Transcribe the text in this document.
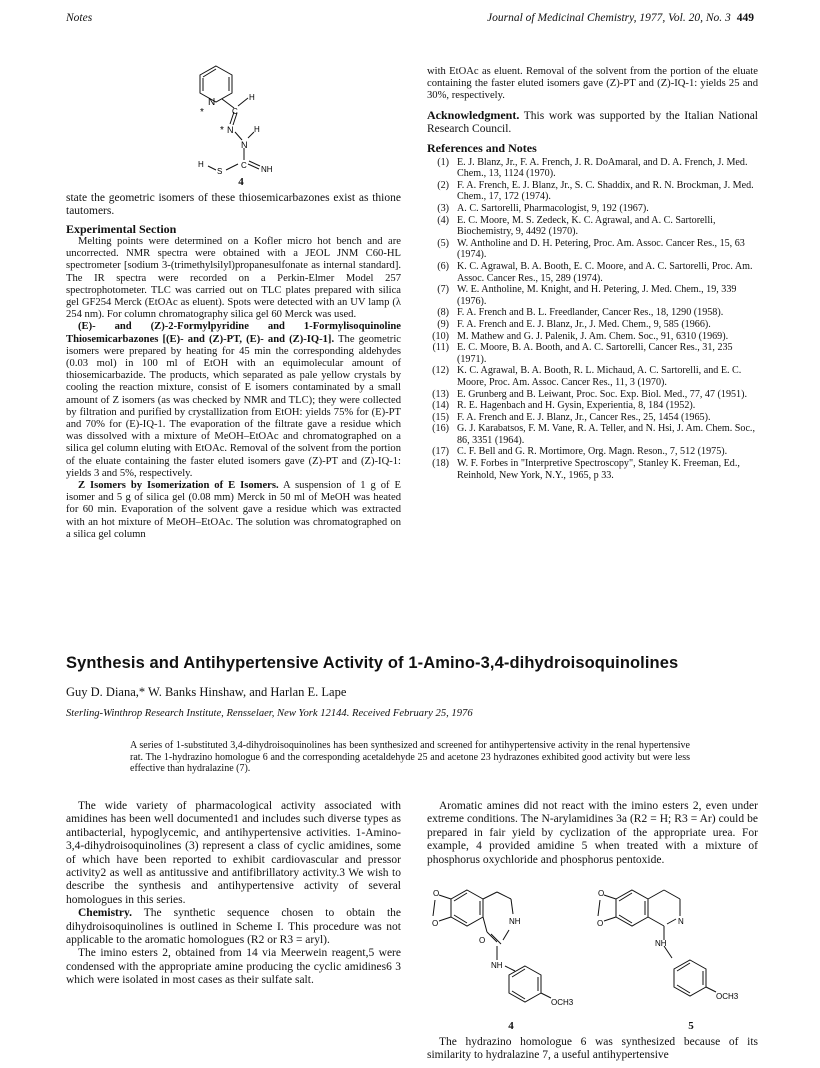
Notes	Journal of Medicinal Chemistry, 1977, Vol. 20, No. 3 449
N
*	C
H
* N
N
H
C
S
H
NH
4

state the geometric isomers of these thiosemicarbazones exist as thione tautomers.

Experimental Section

Melting points were determined on a Kofler micro hot bench and are uncorrected. NMR spectra were obtained with a JEOL JNM C60-HL spectrometer [sodium 3-(trimethylsilyl)propanesulfonate as internal standard]. The IR spectra were recorded on a Perkin-Elmer Model 257 spectrophotometer. TLC was carried out on TLC plates prepared with silica gel GF254 Merck (EtOAc as eluent). Spots were detected with an UV lamp (λ 254 nm). For column chromatography silica gel 60 Merck was used.

(E)- and (Z)-2-Formylpyridine and 1-Formylisoquinoline Thiosemicarbazones [(E)- and (Z)-PT, (E)- and (Z)-IQ-1]. The geometric isomers were prepared by heating for 45 min the corresponding aldehydes (0.03 mol) in 100 ml of EtOH with an equimolecular amount of thiosemicarbazide. The products, which separated as pale yellow crystals by cooling the reaction mixture, consist of E isomers contaminated by a small amount of Z isomers (as was checked by NMR and TLC); they were collected by filtration and purified by crystallization from EtOH: yields 75% for (E)-PT and 70% for (E)-IQ-1. The evaporation of the filtrate gave a residue which was dissolved with a mixture of MeOH–EtOAc and chromatographed on a silica gel column eluting with EtOAc. Removal of the solvent from the portion of the eluate containing the faster eluted isomers gave (Z)-PT and (Z)-IQ-1: yields 3 and 5%, respectively.

Z Isomers by Isomerization of E Isomers. A suspension of 1 g of E isomer and 5 g of silica gel (0.08 mm) Merck in 50 ml of MeOH was heated for 60 min. Evaporation of the solvent gave a residue which was extracted with an hot mixture of MeOH–EtOAc. The solution was chromatographed on a silica gel column

with EtOAc as eluent. Removal of the solvent from the portion of the eluate containing the faster eluted isomers gave (Z)-PT and (Z)-IQ-1: yields 25 and 30%, respectively.

Acknowledgment. This work was supported by the Italian National Research Council.

References and Notes
(1) E. J. Blanz, Jr., F. A. French, J. R. DoAmaral, and D. A. French, J. Med. Chem., 13, 1124 (1970).
(2) F. A. French, E. J. Blanz, Jr., S. C. Shaddix, and R. N. Brockman, J. Med. Chem., 17, 172 (1974).
(3) A. C. Sartorelli, Pharmacologist, 9, 192 (1967).
(4) E. C. Moore, M. S. Zedeck, K. C. Agrawal, and A. C. Sartorelli, Biochemistry, 9, 4492 (1970).
(5) W. Antholine and D. H. Petering, Proc. Am. Assoc. Cancer Res., 15, 63 (1974).
(6) K. C. Agrawal, B. A. Booth, E. C. Moore, and A. C. Sartorelli, Proc. Am. Assoc. Cancer Res., 15, 289 (1974).
(7) W. E. Antholine, M. Knight, and H. Petering, J. Med. Chem., 19, 339 (1976).
(8) F. A. French and B. L. Freedlander, Cancer Res., 18, 1290 (1958).
(9) F. A. French and E. J. Blanz, Jr., J. Med. Chem., 9, 585 (1966).
(10) M. Mathew and G. J. Palenik, J. Am. Chem. Soc., 91, 6310 (1969).
(11) E. C. Moore, B. A. Booth, and A. C. Sartorelli, Cancer Res., 31, 235 (1971).
(12) K. C. Agrawal, B. A. Booth, R. L. Michaud, A. C. Sartorelli, and E. C. Moore, Proc. Am. Assoc. Cancer Res., 11, 3 (1970).
(13) E. Grunberg and B. Leiwant, Proc. Soc. Exp. Biol. Med., 77, 47 (1951).
(14) R. E. Hagenbach and H. Gysin, Experientia, 8, 184 (1952).
(15) F. A. French and E. J. Blanz, Jr., Cancer Res., 25, 1454 (1965).
(16) G. J. Karabatsos, F. M. Vane, R. A. Teller, and N. Hsi, J. Am. Chem. Soc., 86, 3351 (1964).
(17) C. F. Bell and G. R. Mortimore, Org. Magn. Reson., 7, 512 (1975).
(18) W. F. Forbes in "Interpretive Spectroscopy", Stanley K. Freeman, Ed., Reinhold, New York, N.Y., 1965, p 33.
Synthesis and Antihypertensive Activity of 1-Amino-3,4-dihydroisoquinolines
Guy D. Diana,* W. Banks Hinshaw, and Harlan E. Lape
Sterling-Winthrop Research Institute, Rensselaer, New York 12144. Received February 25, 1976
A series of 1-substituted 3,4-dihydroisoquinolines has been synthesized and screened for antihypertensive activity in the renal hypertensive rat. The 1-hydrazino homologue 6 and the corresponding acetaldehyde 25 and acetone 23 hydrazones exhibited good activity but were less effective than hydralazine (7).

The wide variety of pharmacological activity associated with amidines has been well documented1 and includes such diverse types as antibacterial, hypoglycemic, and antihypertensive activities. 1-Amino-3,4-dihydroisoquinolines (3) represent a class of cyclic amidines, some of which have been reported to exhibit cardiovascular and pressor activity2 as well as antitussive and antifibrillatory activity.3 We wish to describe the synthesis and antihypertensive activity of several homologues in this series.

Chemistry. The synthetic sequence chosen to obtain the dihydroisoquinolines is outlined in Scheme I. This procedure was not applicable to the aromatic homologues (R2 or R3 = aryl).

The imino esters 2, obtained from 14 via Meerwein reagent,5 were condensed with the appropriate amine producing the cyclic amidines6 3 which were isolated in most cases as their sulfate salt.

Aromatic amines did not react with the imino esters 2, even under extreme conditions. The N-arylamidines 3a (R2 = H; R3 = Ar) could be prepared in fair yield by cyclization of the appropriate urea. For example, 4 provided amidine 5 when treated with a mixture of phosphorus oxychloride and phosphorus pentoxide.

O
O
O
NH
NH
OCH3
4
O
O	N
NH
OCH3
5

The hydrazino homologue 6 was synthesized because of its similarity to hydralazine 7, a useful antihypertensive
